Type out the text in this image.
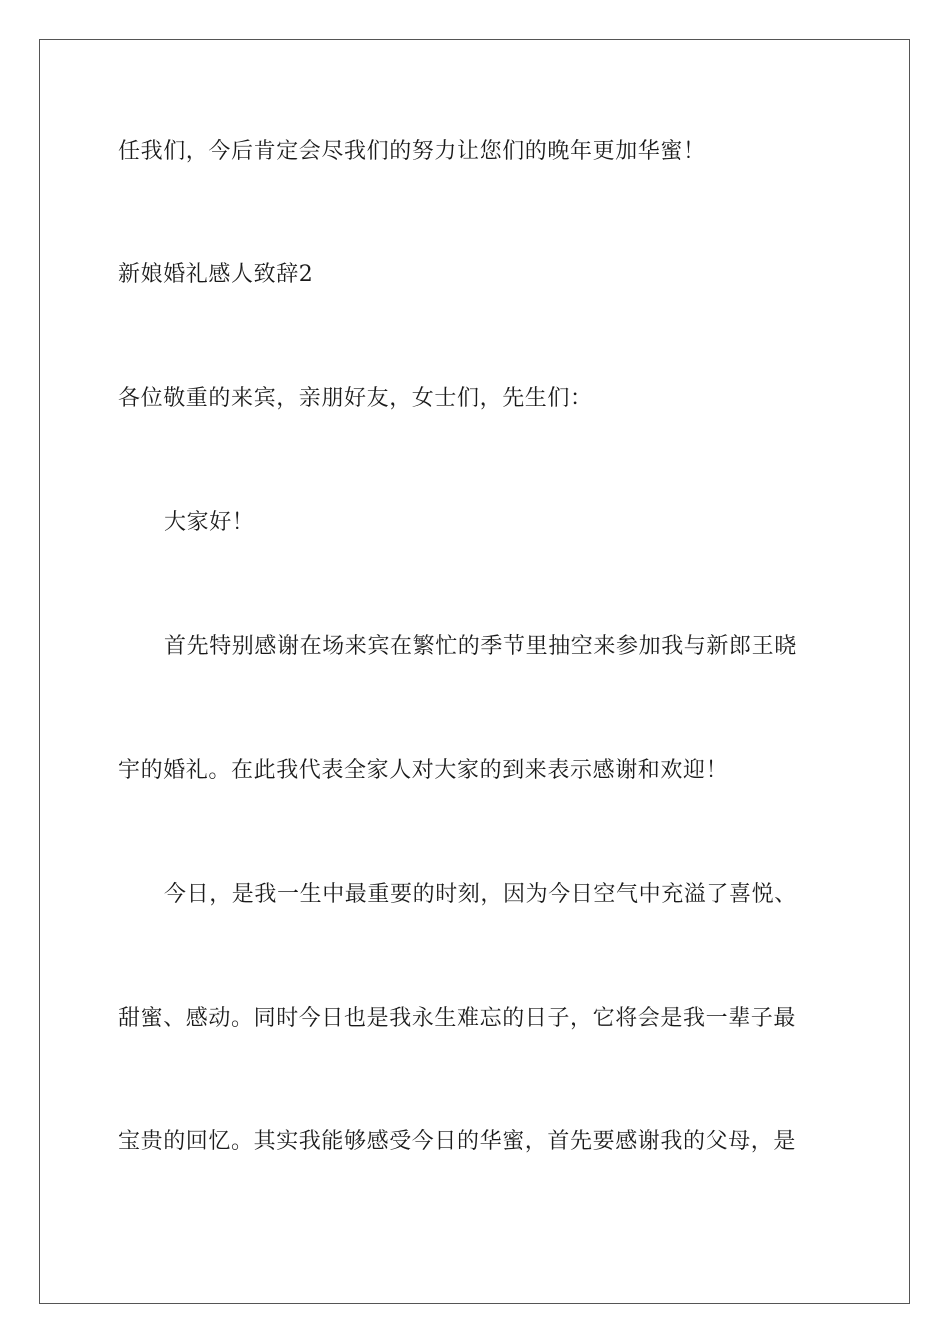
任我们，今后肯定会尽我们的努力让您们的晚年更加华蜜！
新娘婚礼感人致辞2
各位敬重的来宾，亲朋好友，女士们，先生们：
大家好！
首先特别感谢在场来宾在繁忙的季节里抽空来参加我与新郎王晓
宇的婚礼。在此我代表全家人对大家的到来表示感谢和欢迎！
今日，是我一生中最重要的时刻，因为今日空气中充溢了喜悦、
甜蜜、感动。同时今日也是我永生难忘的日子，它将会是我一辈子最
宝贵的回忆。其实我能够感受今日的华蜜，首先要感谢我的父母，是
